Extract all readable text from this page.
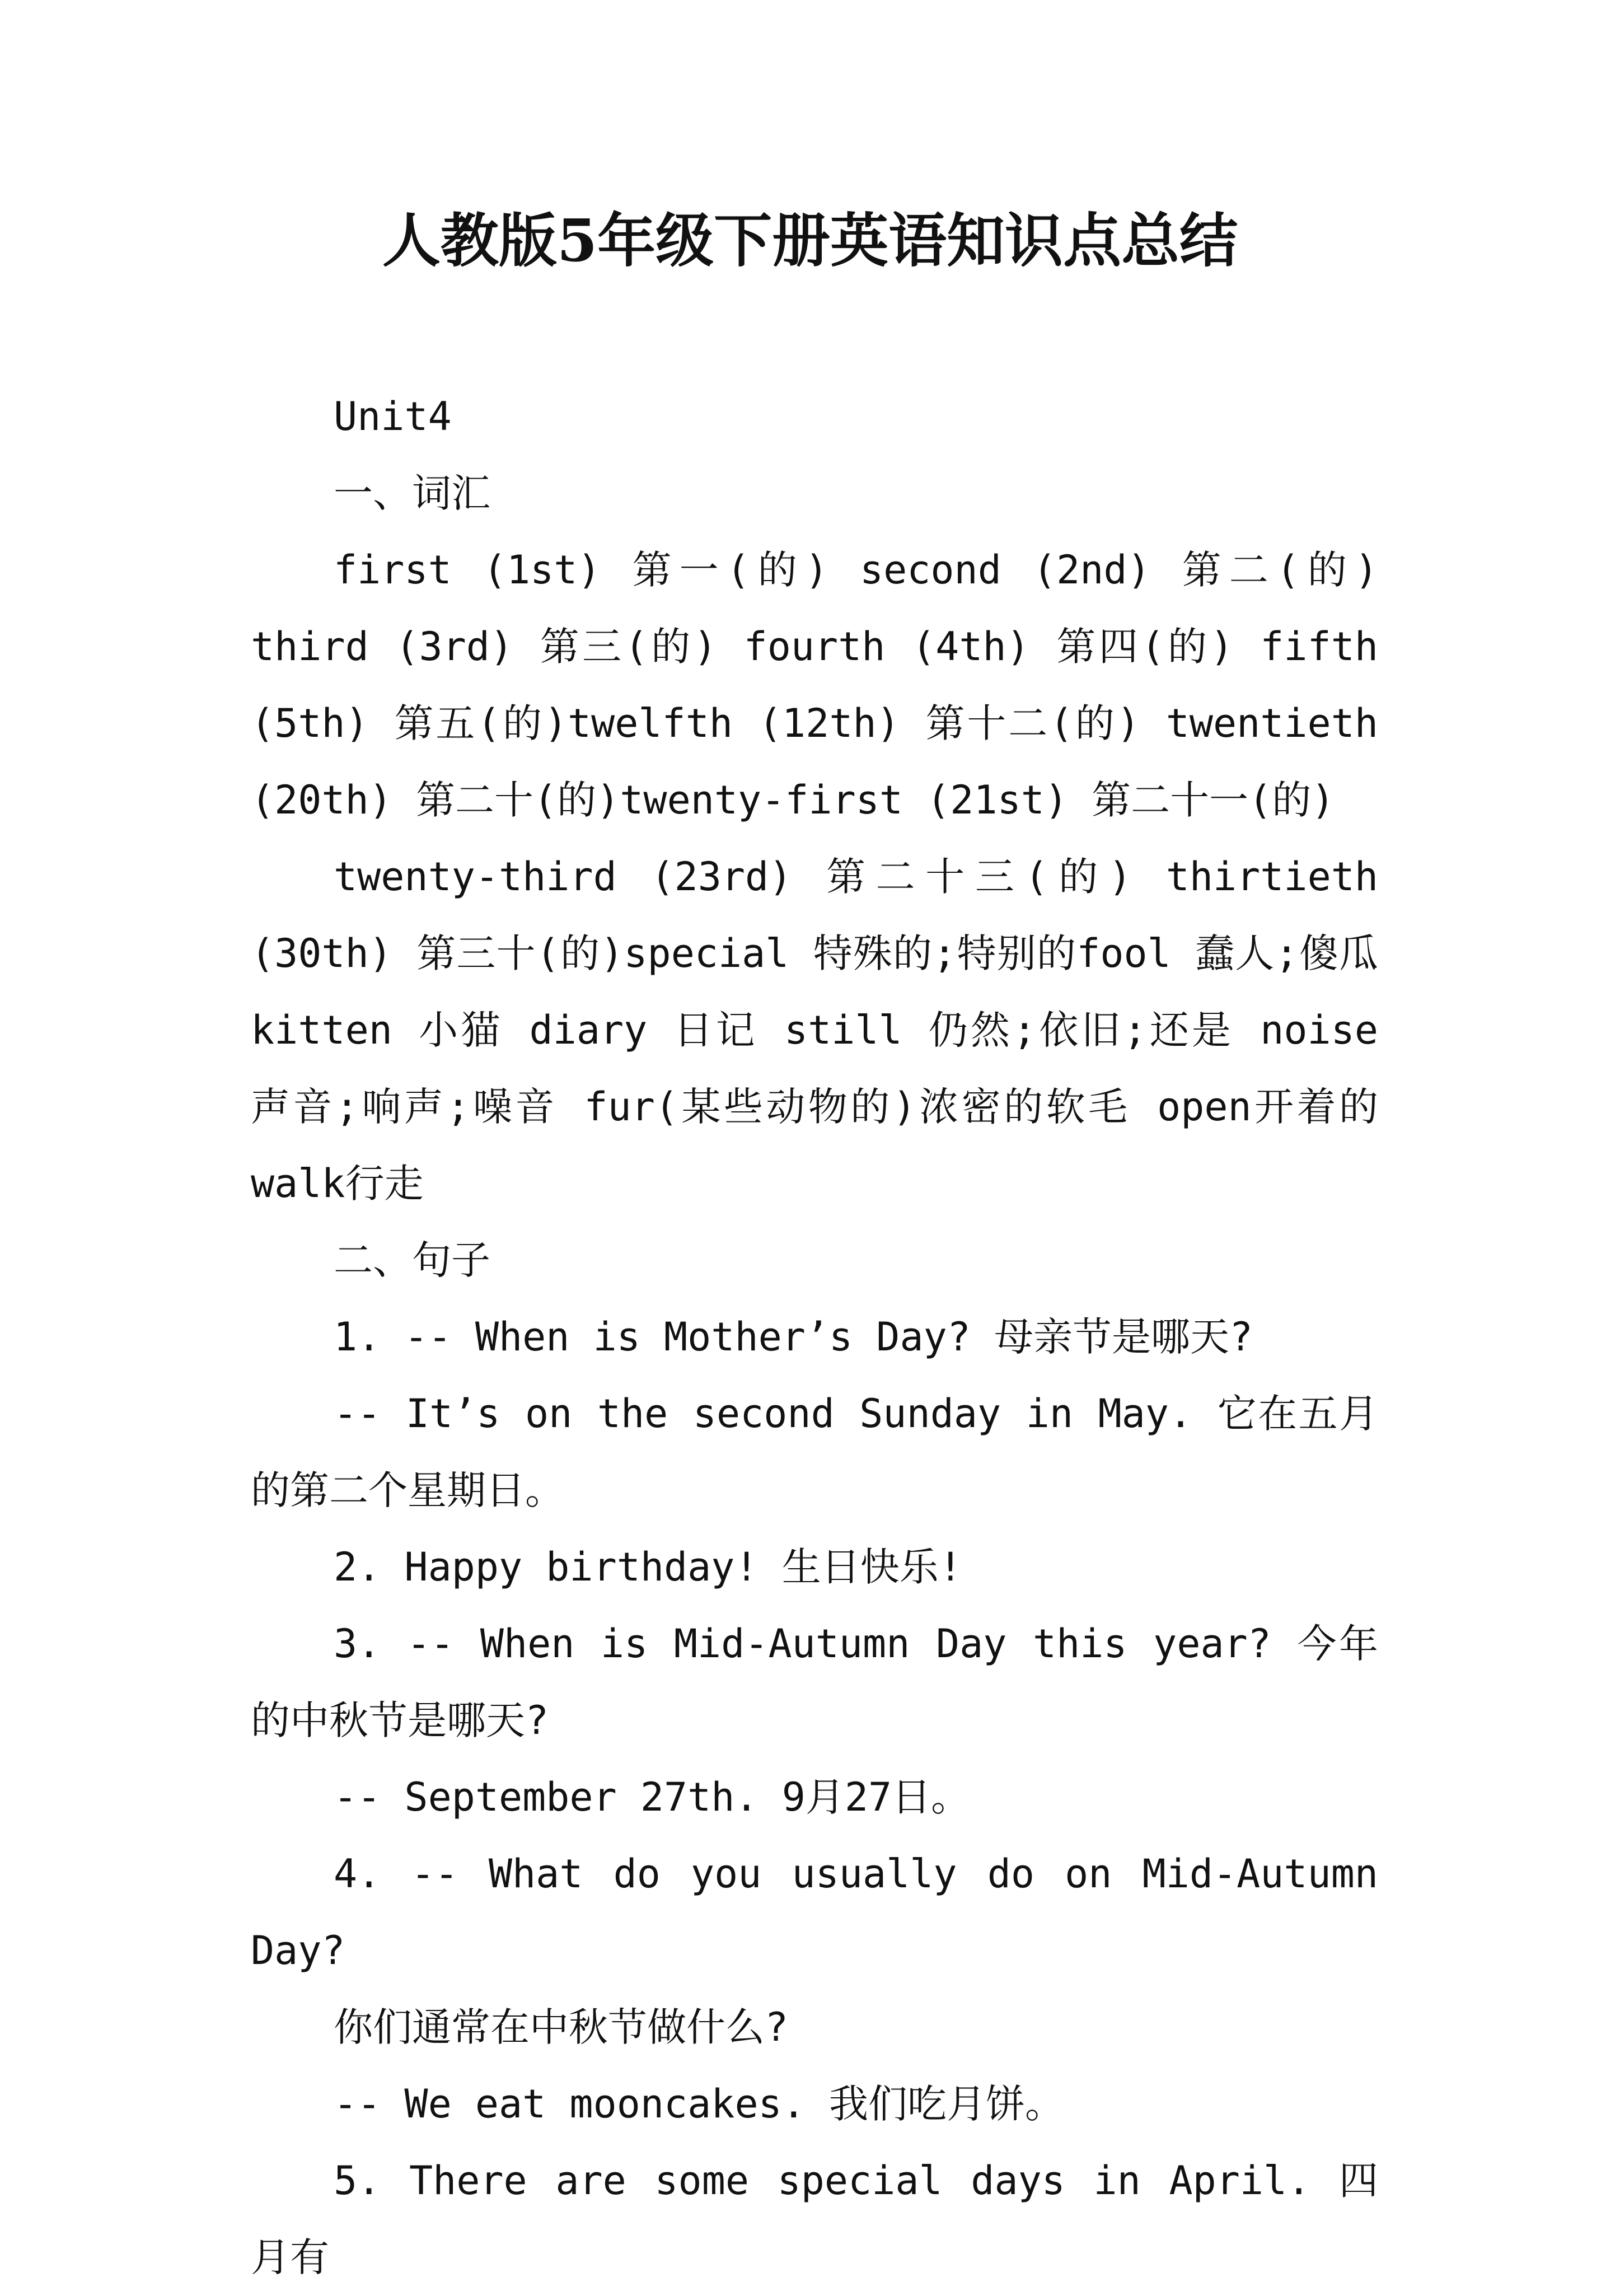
人教版5年级下册英语知识点总结

Unit4

一、词汇

first (1st) 第一(的) second (2nd) 第二(的) third (3rd) 第三(的) fourth (4th) 第四(的) fifth (5th) 第五(的)twelfth (12th) 第十二(的) twentieth (20th) 第二十(的)twenty-first (21st) 第二十一(的)

twenty-third (23rd) 第二十三(的) thirtieth (30th) 第三十(的)special 特殊的;特别的fool 蠢人;傻瓜 kitten 小猫 diary 日记 still 仍然;依旧;还是 noise 声音;响声;噪音 fur(某些动物的)浓密的软毛 open开着的 walk行走

二、句子

1. -- When is Mother’s Day? 母亲节是哪天?

-- It’s on the second Sunday in May. 它在五月的第二个星期日。

2. Happy birthday! 生日快乐!

3. -- When is Mid-Autumn Day this year? 今年的中秋节是哪天?

-- September 27th. 9月27日。

4. -- What do you usually do on Mid-Autumn Day?

你们通常在中秋节做什么?

-- We eat mooncakes. 我们吃月饼。

5. There are some special days in April. 四月有
